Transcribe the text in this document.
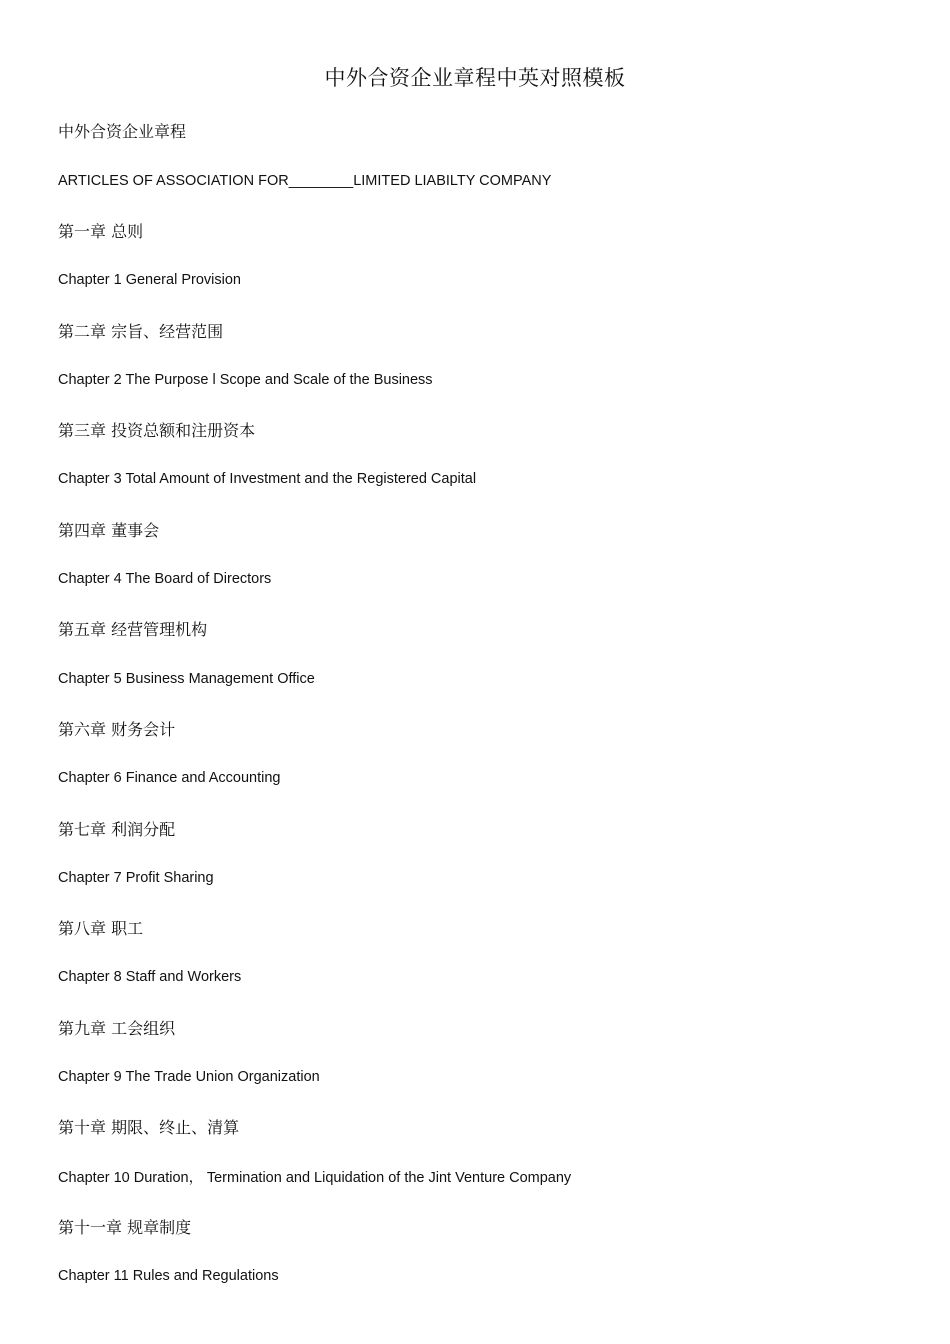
中外合资企业章程中英对照模板
中外合资企业章程
ARTICLES OF ASSOCIATION FOR________LIMITED LIABILTY COMPANY
第一章 总则
Chapter 1 General Provision
第二章 宗旨、经营范围
Chapter 2 The Purpose l Scope and Scale of the Business
第三章 投资总额和注册资本
Chapter 3 Total Amount of Investment and the Registered Capital
第四章 董事会
Chapter 4 The Board of Directors
第五章 经营管理机构
Chapter 5 Business Management Office
第六章 财务会计
Chapter 6 Finance and Accounting
第七章 利润分配
Chapter 7 Profit Sharing
第八章 职工
Chapter 8 Staff and Workers
第九章 工会组织
Chapter 9 The Trade Union Organization
第十章 期限、终止、清算
Chapter 10 Duration， Termination and Liquidation of the Jint Venture Company
第十一章 规章制度
Chapter 11 Rules and Regulations
